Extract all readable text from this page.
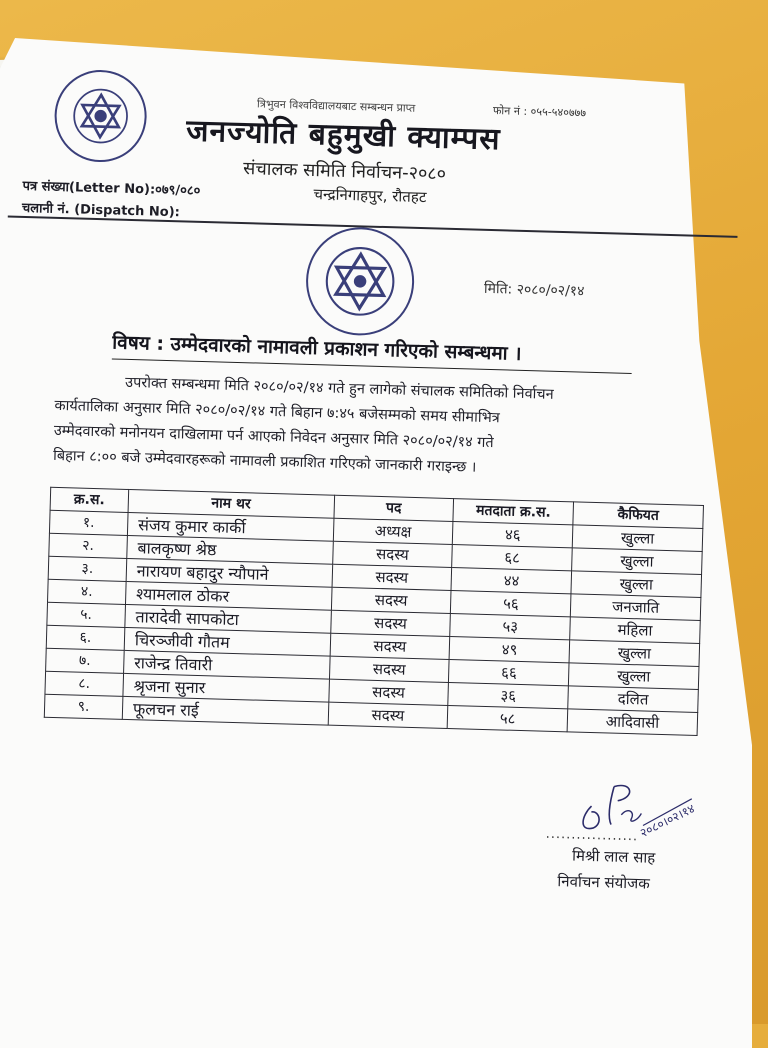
त्रिभुवन विश्वविद्यालयबाट सम्बन्धन प्राप्त	फोन नं : ०५५-५४०७७७
जनज्योति बहुमुखी क्याम्पस
संचालक समिति निर्वाचन-२०८०
चन्द्रनिगाहपुर, रौतहट
पत्र संख्या(Letter No):०७९/०८०
चलानी नं. (Dispatch No):
मिति: २०८०/०२/१४
विषय : उम्मेदवारको नामावली प्रकाशन गरिएको सम्बन्धमा ।
उपरोक्त सम्बन्धमा मिति २०८०/०२/१४ गते हुन लागेको संचालक समितिको निर्वाचन
कार्यतालिका अनुसार मिति २०८०/०२/१४ गते बिहान ७:४५ बजेसम्मको समय सीमाभित्र
उम्मेदवारको मनोनयन दाखिलामा पर्न आएको निवेदन अनुसार मिति २०८०/०२/१४ गते
बिहान ८:०० बजे उम्मेदवारहरूको नामावली प्रकाशित गरिएको जानकारी गराइन्छ ।
क्र.स.	नाम थर	पद	मतदाता क्र.स.	कैफियत
१.	संजय कुमार कार्की	अध्यक्ष	४६	खुल्ला
२.	बालकृष्ण श्रेष्ठ	सदस्य	६८	खुल्ला
३.	नारायण बहादुर न्यौपाने	सदस्य	४४	खुल्ला
४.	श्यामलाल ठोकर	सदस्य	५६	जनजाति
५.	तारादेवी सापकोटा	सदस्य	५३	महिला
६.	चिरञ्जीवी गौतम	सदस्य	४९	खुल्ला
७.	राजेन्द्र तिवारी	सदस्य	६६	खुल्ला
८.	श्रृजना सुनार	सदस्य	३६	दलित
९.	फूलचन राई	सदस्य	५८	आदिवासी
२०८०।०२।१४
..................
मिश्री लाल साह
निर्वाचन संयोजक
